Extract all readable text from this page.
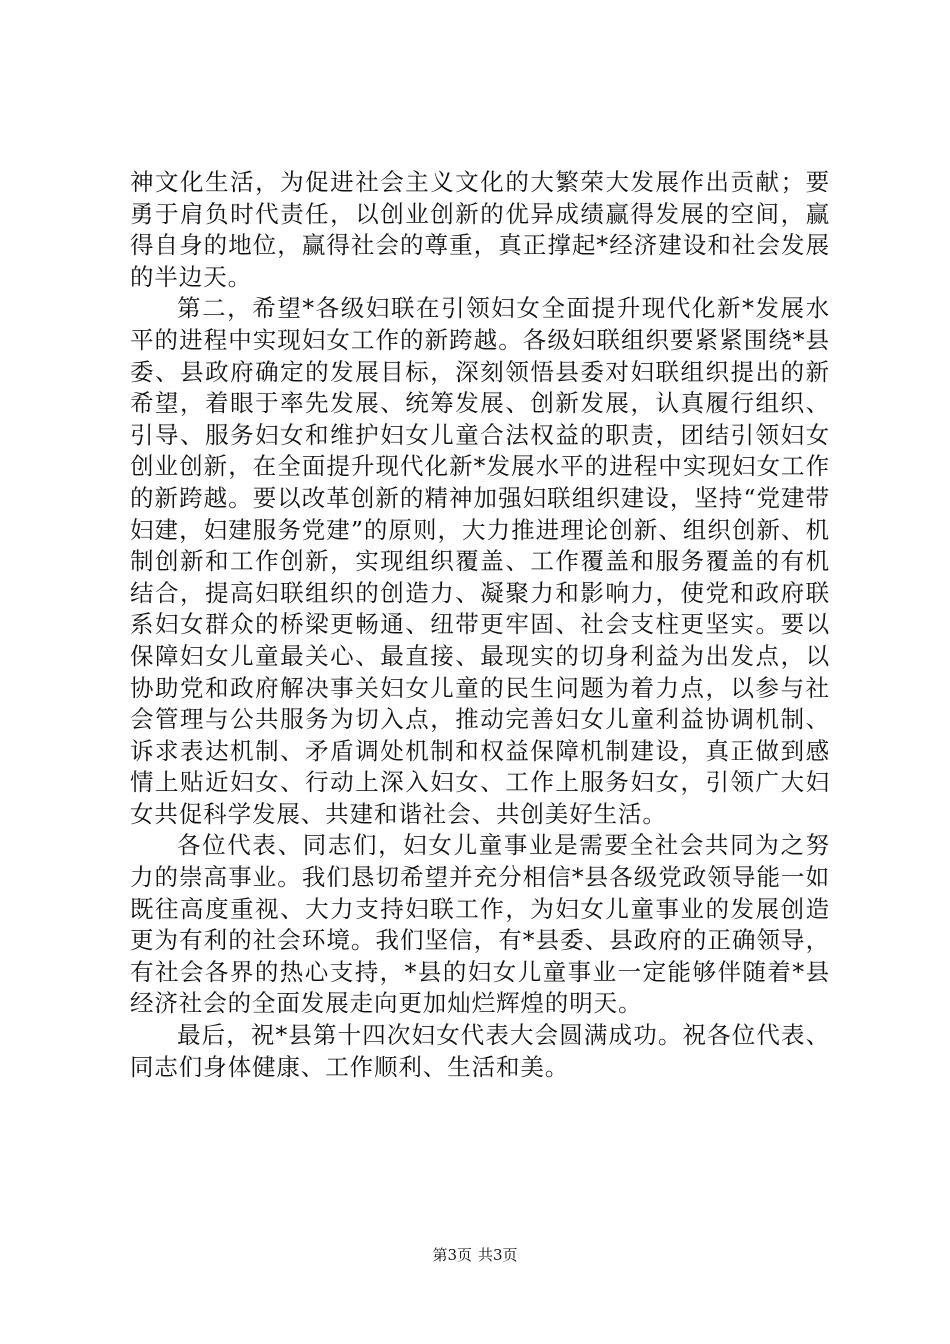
神文化生活，为促进社会主义文化的大繁荣大发展作出贡献；要勇于肩负时代责任，以创业创新的优异成绩赢得发展的空间，赢得自身的地位，赢得社会的尊重，真正撑起*经济建设和社会发展的半边天。

第二，希望*各级妇联在引领妇女全面提升现代化新*发展水平的进程中实现妇女工作的新跨越。各级妇联组织要紧紧围绕*县委、县政府确定的发展目标，深刻领悟县委对妇联组织提出的新希望，着眼于率先发展、统筹发展、创新发展，认真履行组织、引导、服务妇女和维护妇女儿童合法权益的职责，团结引领妇女创业创新，在全面提升现代化新*发展水平的进程中实现妇女工作的新跨越。要以改革创新的精神加强妇联组织建设，坚持“党建带妇建，妇建服务党建”的原则，大力推进理论创新、组织创新、机制创新和工作创新，实现组织覆盖、工作覆盖和服务覆盖的有机结合，提高妇联组织的创造力、凝聚力和影响力，使党和政府联系妇女群众的桥梁更畅通、纽带更牢固、社会支柱更坚实。要以保障妇女儿童最关心、最直接、最现实的切身利益为出发点，以协助党和政府解决事关妇女儿童的民生问题为着力点，以参与社会管理与公共服务为切入点，推动完善妇女儿童利益协调机制、诉求表达机制、矛盾调处机制和权益保障机制建设，真正做到感情上贴近妇女、行动上深入妇女、工作上服务妇女，引领广大妇女共促科学发展、共建和谐社会、共创美好生活。

各位代表、同志们，妇女儿童事业是需要全社会共同为之努力的崇高事业。我们恳切希望并充分相信*县各级党政领导能一如既往高度重视、大力支持妇联工作，为妇女儿童事业的发展创造更为有利的社会环境。我们坚信，有*县委、县政府的正确领导，有社会各界的热心支持，*县的妇女儿童事业一定能够伴随着*县经济社会的全面发展走向更加灿烂辉煌的明天。

最后，祝*县第十四次妇女代表大会圆满成功。祝各位代表、同志们身体健康、工作顺利、生活和美。

第3页 共3页
